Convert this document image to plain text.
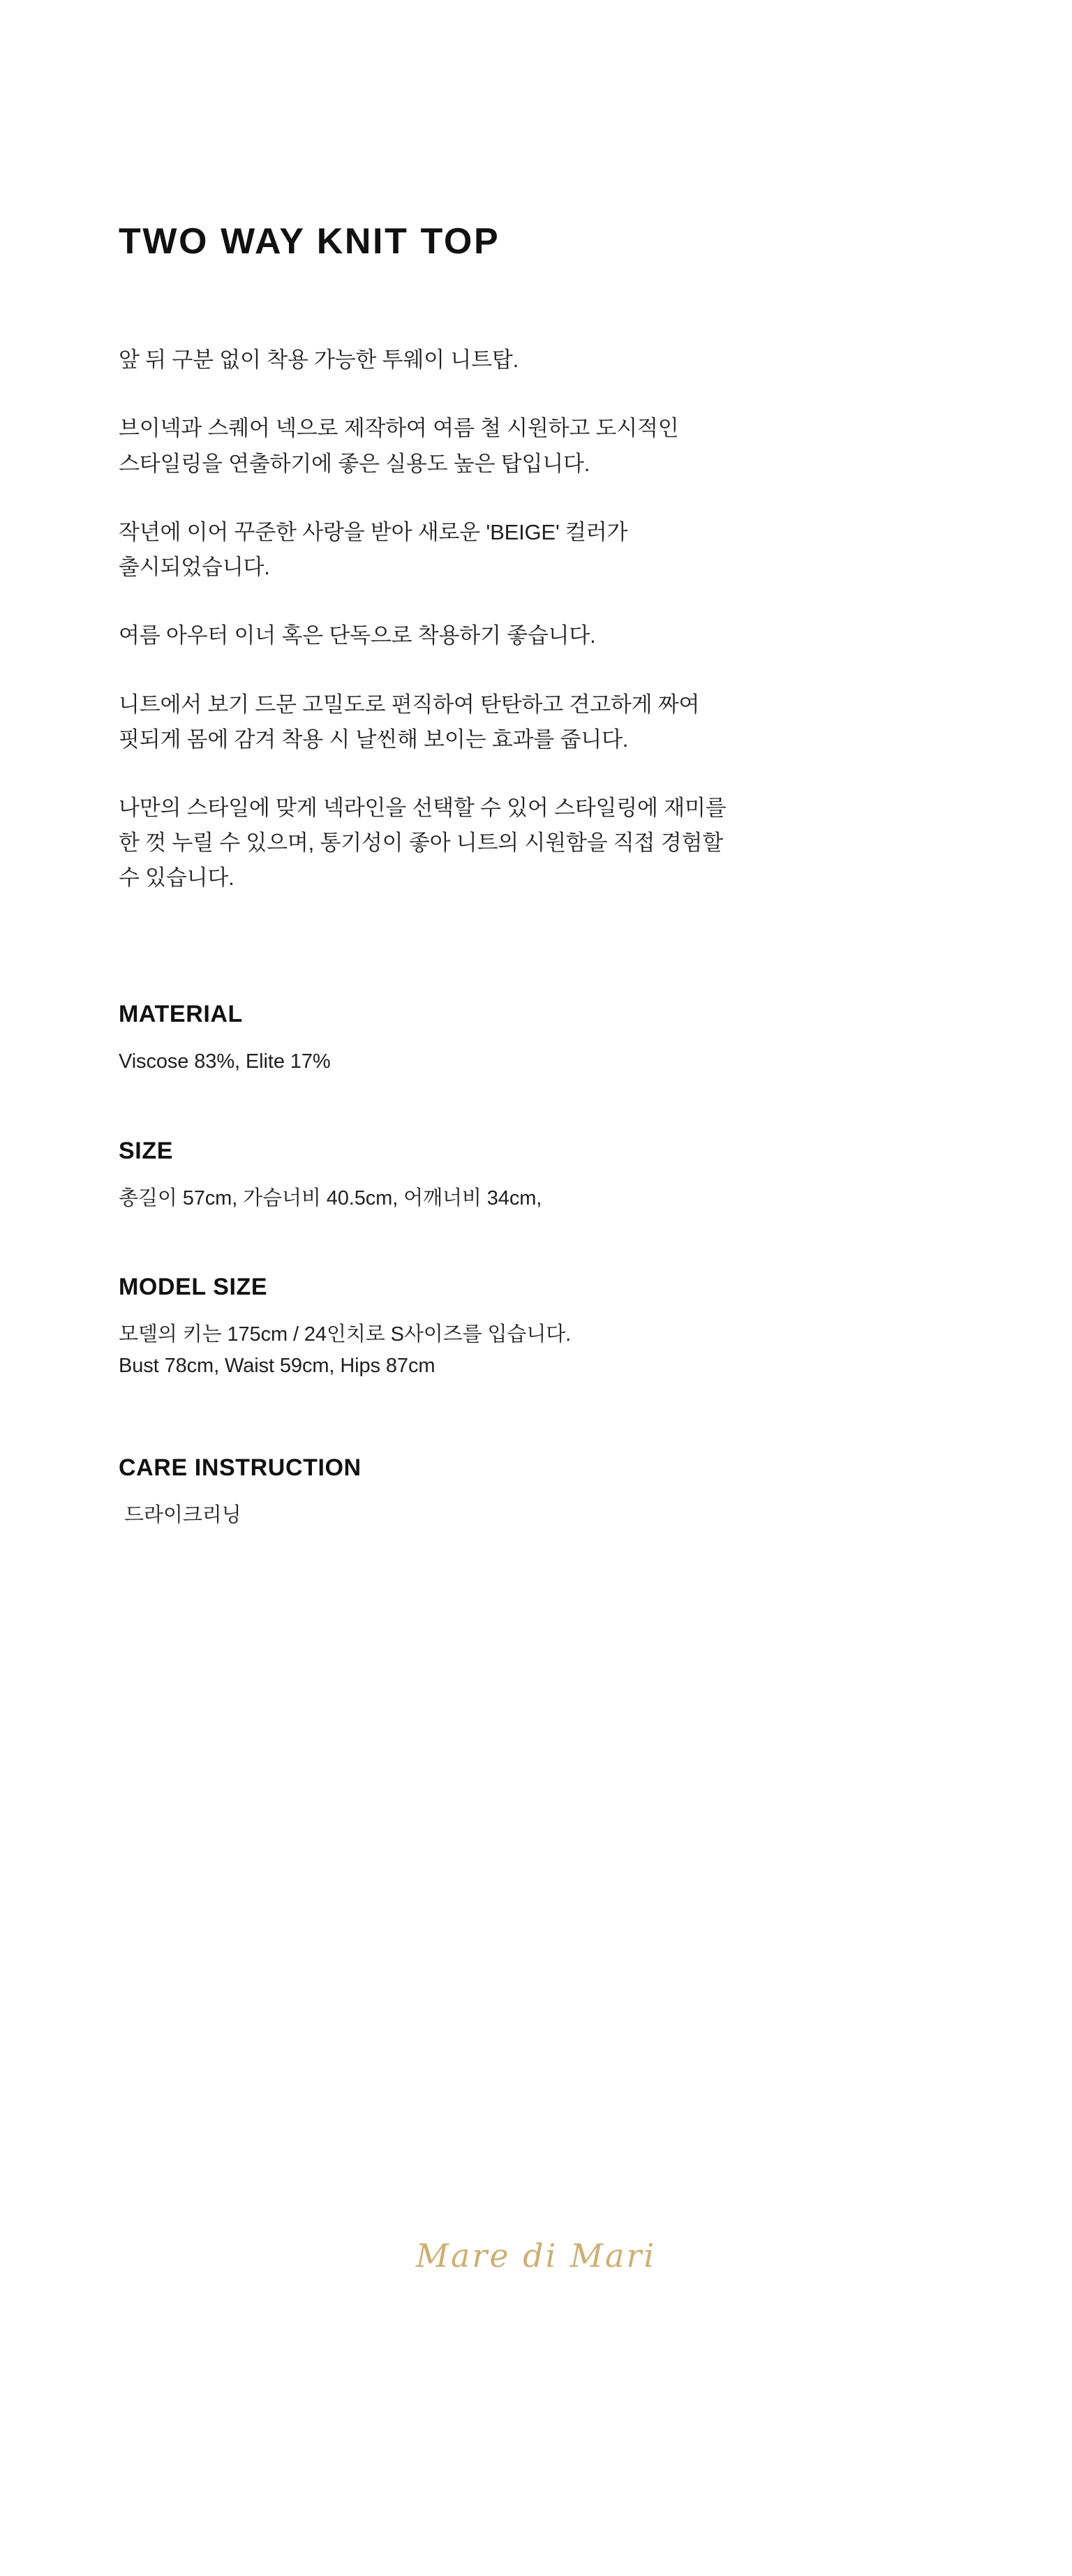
TWO WAY KNIT TOP

앞 뒤 구분 없이 착용 가능한 투웨이 니트탑.

브이넥과 스퀘어 넥으로 제작하여 여름 철 시원하고 도시적인
스타일링을 연출하기에 좋은 실용도 높은 탑입니다.

작년에 이어 꾸준한 사랑을 받아 새로운 'BEIGE' 컬러가
출시되었습니다.

여름 아우터 이너 혹은 단독으로 착용하기 좋습니다.

니트에서 보기 드문 고밀도로 편직하여 탄탄하고 견고하게 짜여
핏되게 몸에 감겨 착용 시 날씬해 보이는 효과를 줍니다.

나만의 스타일에 맞게 넥라인을 선택할 수 있어 스타일링에 재미를
한 껏 누릴 수 있으며, 통기성이 좋아 니트의 시원함을 직접 경험할
수 있습니다.

MATERIAL

Viscose 83%, Elite 17%

SIZE

총길이 57cm, 가슴너비 40.5cm, 어깨너비 34cm,

MODEL SIZE

모델의 키는 175cm / 24인치로 S사이즈를 입습니다.
Bust 78cm, Waist 59cm, Hips 87cm

CARE INSTRUCTION

드라이크리닝

Mare di Mari
